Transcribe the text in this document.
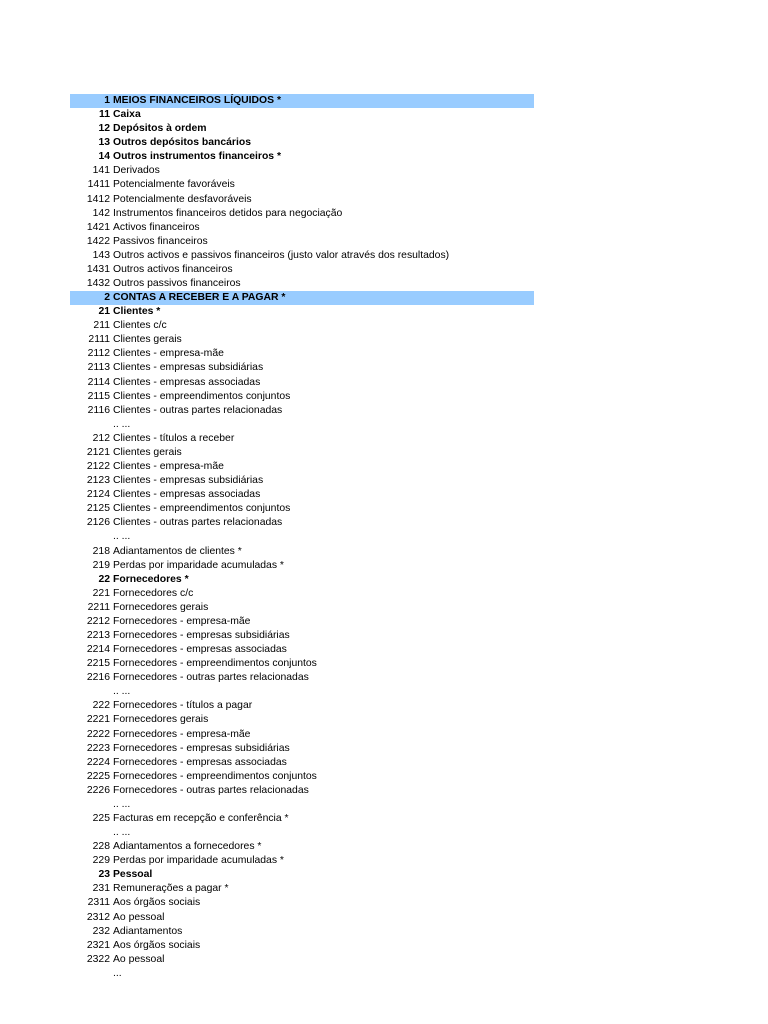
1 MEIOS FINANCEIROS LÍQUIDOS *
11 Caixa
12 Depósitos à ordem
13 Outros depósitos bancários
14 Outros instrumentos financeiros *
141 Derivados
1411 Potencialmente favoráveis
1412 Potencialmente desfavoráveis
142 Instrumentos financeiros detidos para negociação
1421 Activos financeiros
1422 Passivos financeiros
143 Outros activos e passivos financeiros (justo valor através dos resultados)
1431 Outros activos financeiros
1432 Outros passivos financeiros
2 CONTAS A RECEBER E A PAGAR *
21 Clientes *
211 Clientes c/c
2111 Clientes gerais
2112 Clientes - empresa-mãe
2113 Clientes - empresas subsidiárias
2114 Clientes - empresas associadas
2115 Clientes - empreendimentos conjuntos
2116 Clientes - outras partes relacionadas
.. ...
212 Clientes - títulos a receber
2121 Clientes gerais
2122 Clientes - empresa-mãe
2123 Clientes - empresas subsidiárias
2124 Clientes - empresas associadas
2125 Clientes - empreendimentos conjuntos
2126 Clientes - outras partes relacionadas
.. ...
218 Adiantamentos de clientes *
219 Perdas por imparidade acumuladas *
22 Fornecedores *
221 Fornecedores c/c
2211 Fornecedores gerais
2212 Fornecedores - empresa-mãe
2213 Fornecedores - empresas subsidiárias
2214 Fornecedores - empresas associadas
2215 Fornecedores - empreendimentos conjuntos
2216 Fornecedores - outras partes relacionadas
.. ...
222 Fornecedores - títulos a pagar
2221 Fornecedores gerais
2222 Fornecedores - empresa-mãe
2223 Fornecedores - empresas subsidiárias
2224 Fornecedores - empresas associadas
2225 Fornecedores - empreendimentos conjuntos
2226 Fornecedores - outras partes relacionadas
.. ...
225 Facturas em recepção e conferência *
.. ...
228 Adiantamentos a fornecedores *
229 Perdas por imparidade acumuladas *
23 Pessoal
231 Remunerações a pagar *
2311 Aos órgãos sociais
2312 Ao pessoal
232 Adiantamentos
2321 Aos órgãos sociais
2322 Ao pessoal
...
